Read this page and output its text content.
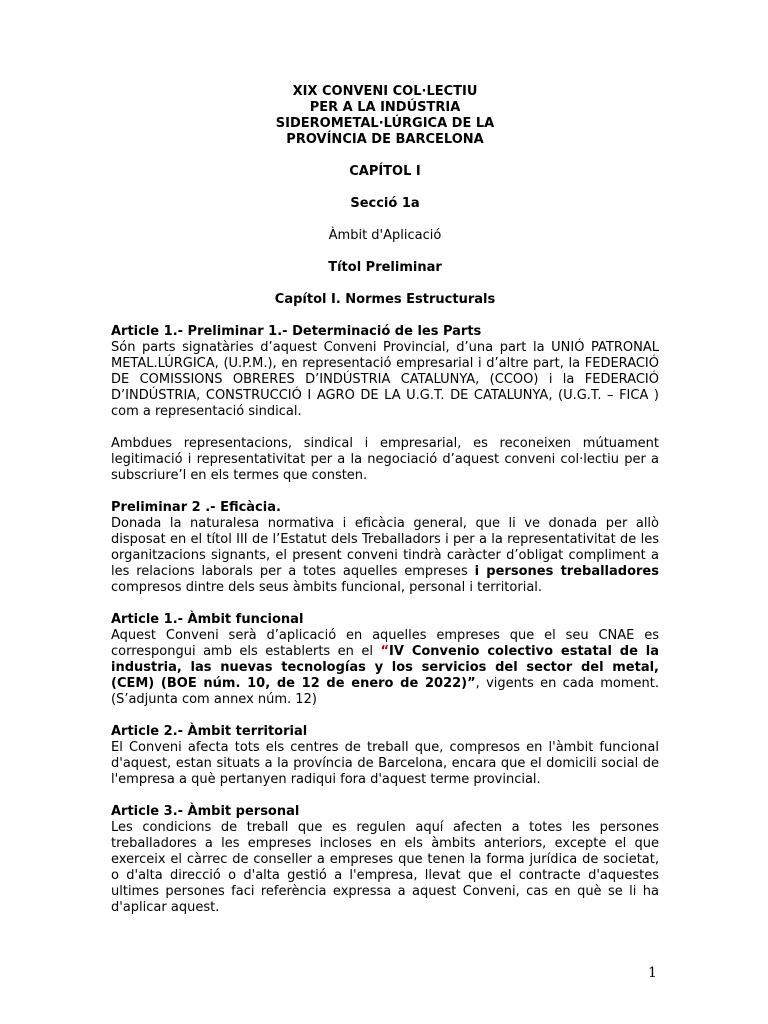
XIX CONVENI COL·LECTIU
PER A LA INDÚSTRIA
SIDEROMETAL·LÚRGICA DE LA
PROVÍNCIA DE BARCELONA
CAPÍTOL I
Secció 1a
Àmbit d'Aplicació
Títol Preliminar
Capítol I. Normes Estructurals
Article 1.- Preliminar 1.- Determinació de les Parts

Són parts signatàries d’aquest Conveni Provincial, d’una part la UNIÓ PATRONAL METAL.LÚRGICA, (U.P.M.), en representació empresarial i d’altre part, la FEDERACIÓ DE COMISSIONS OBRERES D’INDÚSTRIA CATALUNYA, (CCOO) i la FEDERACIÓ D’INDÚSTRIA, CONSTRUCCIÓ I AGRO DE LA U.G.T. DE CATALUNYA, (U.G.T. – FICA ) com a representació sindical.

Ambdues representacions, sindical i empresarial, es reconeixen mútuament legitimació i representativitat per a la negociació d’aquest conveni col·lectiu per a subscriure’l en els termes que consten.

Preliminar 2 .- Eficàcia.

Donada la naturalesa normativa i eficàcia general, que li ve donada per allò disposat en el títol III de l’Estatut dels Treballadors i per a la representativitat de les organitzacions signants, el present conveni tindrà caràcter d’obligat compliment a les relacions laborals per a totes aquelles empreses i persones treballadores compresos dintre dels seus àmbits funcional, personal i territorial.

Article 1.- Àmbit funcional

Aquest Conveni serà d’aplicació en aquelles empreses que el seu CNAE es correspongui amb els establerts en el “IV Convenio colectivo estatal de la industria, las nuevas tecnologías y los servicios del sector del metal, (CEM) (BOE núm. 10, de 12 de enero de 2022)”, vigents en cada moment. (S’adjunta com annex núm. 12)

Article 2.- Àmbit territorial

El Conveni afecta tots els centres de treball que, compresos en l'àmbit funcional d'aquest, estan situats a la província de Barcelona, encara que el domicili social de l'empresa a què pertanyen radiqui fora d'aquest terme provincial.

Article 3.- Àmbit personal

Les condicions de treball que es regulen aquí afecten a totes les persones treballadores a les empreses incloses en els àmbits anteriors, excepte el que exerceix el càrrec de conseller a empreses que tenen la forma jurídica de societat, o d'alta direcció o d'alta gestió a l'empresa, llevat que el contracte d'aquestes ultimes persones faci referència expressa a aquest Conveni, cas en què se li ha d'aplicar aquest.

1
